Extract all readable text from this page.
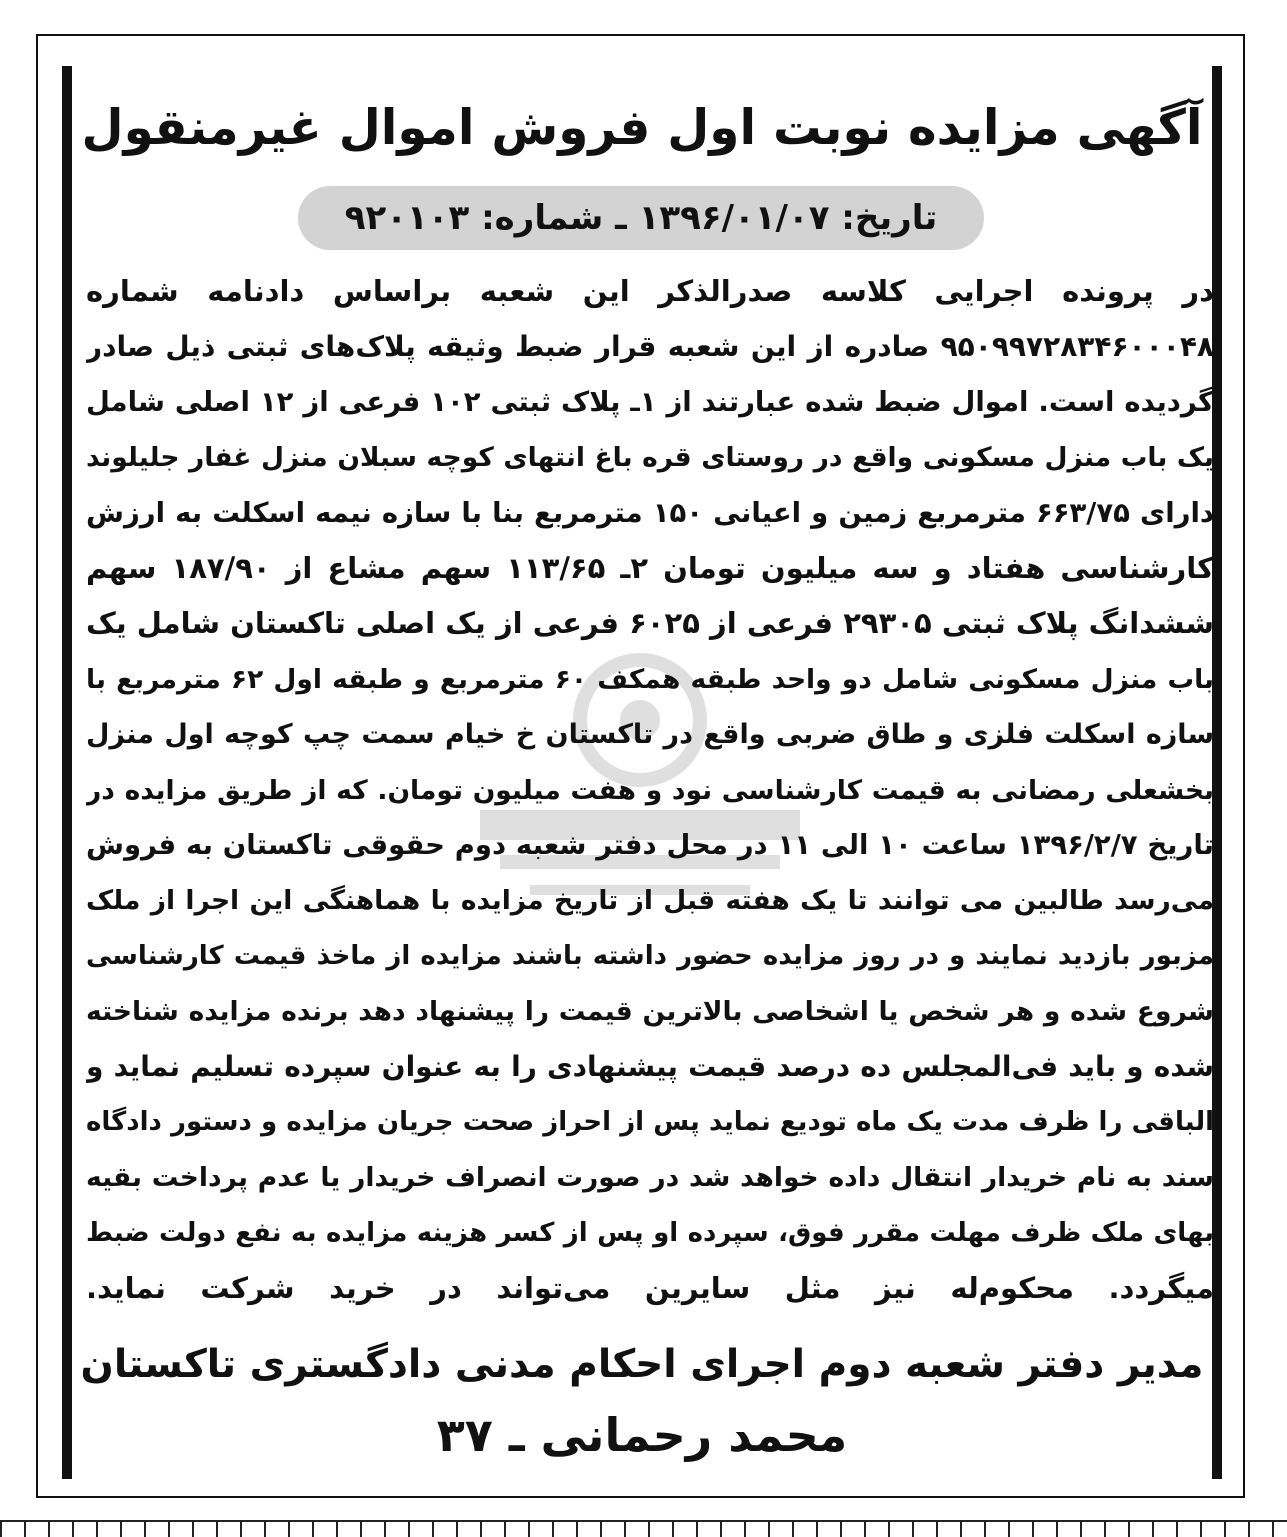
آگهی مزایده نوبت اول فروش اموال غیرمنقول
تاریخ: ۱۳۹۶/۰۱/۰۷ ـ شماره: ۹۲۰۱۰۳
در پرونده اجرایی کلاسه صدرالذکر این شعبه براساس دادنامه شماره
۹۵۰۹۹۷۲۸۳۴۶۰۰۰۴۸ صادره از این شعبه قرار ضبط وثیقه پلاک‌های ثبتی ذیل صادر
گردیده است. اموال ضبط شده عبارتند از ۱ـ پلاک ثبتی ۱۰۲ فرعی از ۱۲ اصلی شامل
یک باب منزل مسکونی واقع در روستای قره باغ انتهای کوچه سبلان منزل غفار جلیلوند
دارای ۶۶۳/۷۵ مترمربع زمین و اعیانی ۱۵۰ مترمربع بنا با سازه نیمه اسکلت به ارزش
کارشناسی هفتاد و سه میلیون تومان ۲ـ ۱۱۳/۶۵ سهم مشاع از ۱۸۷/۹۰ سهم
ششدانگ پلاک ثبتی ۲۹۳۰۵ فرعی از ۶۰۲۵ فرعی از یک اصلی تاکستان شامل یک
باب منزل مسکونی شامل دو واحد طبقه همکف ۶۰ مترمربع و طبقه اول ۶۲ مترمربع با
سازه اسکلت فلزی و طاق ضربی واقع در تاکستان خ خیام سمت چپ کوچه اول منزل
بخشعلی رمضانی به قیمت کارشناسی نود و هفت میلیون تومان. که از طریق مزایده در
تاریخ ۱۳۹۶/۲/۷ ساعت ۱۰ الی ۱۱ در محل دفتر شعبه دوم حقوقی تاکستان به فروش
می‌رسد طالبین می توانند تا یک هفته قبل از تاریخ مزایده با هماهنگی این اجرا از ملک
مزبور بازدید نمایند و در روز مزایده حضور داشته باشند مزایده از ماخذ قیمت کارشناسی
شروع شده و هر شخص یا اشخاصی بالاترین قیمت را پیشنهاد دهد برنده مزایده شناخته
شده و باید فی‌المجلس ده درصد قیمت پیشنهادی را به عنوان سپرده تسلیم نماید و
الباقی را ظرف مدت یک ماه تودیع نماید پس از احراز صحت جریان مزایده و دستور دادگاه
سند به نام خریدار انتقال داده خواهد شد در صورت انصراف خریدار یا عدم پرداخت بقیه
بهای ملک ظرف مهلت مقرر فوق، سپرده او پس از کسر هزینه مزایده به نفع دولت ضبط
میگردد. محکوم‌له نیز مثل سایرین می‌تواند در خرید شرکت نماید.
مدیر دفتر شعبه دوم اجرای احکام مدنی دادگستری تاکستان
محمد رحمانی ـ ۳۷
